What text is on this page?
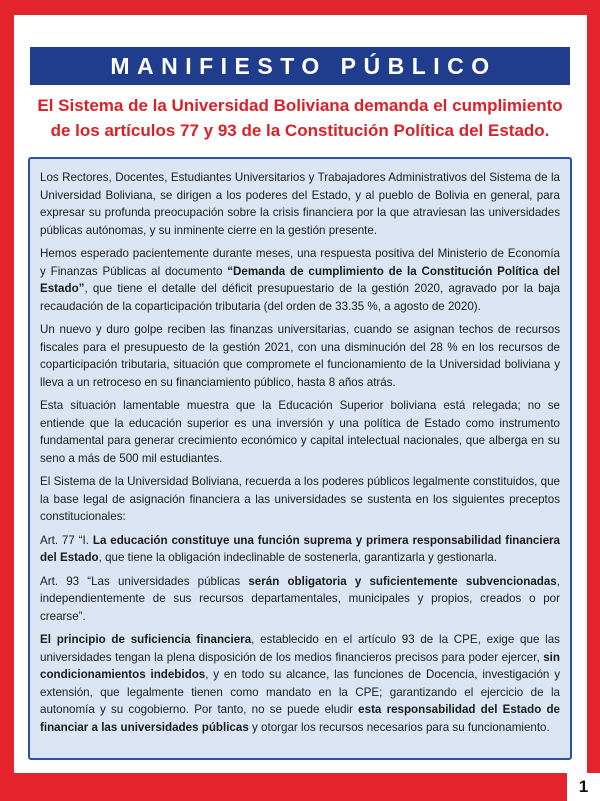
1
MANIFIESTO PÚBLICO
El Sistema de la Universidad Boliviana demanda el cumplimiento
de los artículos 77 y 93 de la Constitución Política del Estado.

Los Rectores, Docentes, Estudiantes Universitarios y Trabajadores Administrativos del Sistema de la Universidad Boliviana, se dirigen a los poderes del Estado, y al pueblo de Bolivia en general, para expresar su profunda preocupación sobre la crisis financiera por la que atraviesan las universidades públicas autónomas, y su inminente cierre en la gestión presente.

Hemos esperado pacientemente durante meses, una respuesta positiva del Ministerio de Economía y Finanzas Públicas al documento “Demanda de cumplimiento de la Constitución Política del Estado”, que tiene el detalle del déficit presupuestario de la gestión 2020, agravado por la baja recaudación de la coparticipación tributaria (del orden de 33.35 %, a agosto de 2020).

Un nuevo y duro golpe reciben las finanzas universitarias, cuando se asignan techos de recursos fiscales para el presupuesto de la gestión 2021, con una disminución del 28 % en los recursos de coparticipación tributaria, situación que compromete el funcionamiento de la Universidad boliviana y lleva a un retroceso en su financiamiento público, hasta 8 años atrás.

Esta situación lamentable muestra que la Educación Superior boliviana está relegada; no se entiende que la educación superior es una inversión y una política de Estado como instrumento fundamental para generar crecimiento económico y capital intelectual nacionales, que alberga en su seno a más de 500 mil estudiantes.

El Sistema de la Universidad Boliviana, recuerda a los poderes públicos legalmente constituidos, que la base legal de asignación financiera a las universidades se sustenta en los siguientes preceptos constitucionales:

Art. 77 “I. La educación constituye una función suprema y primera responsabilidad financiera del Estado, que tiene la obligación indeclinable de sostenerla, garantizarla y gestionarla.

Art. 93 “Las universidades públicas serán obligatoria y suficientemente subvencionadas, independientemente de sus recursos departamentales, municipales y propios, creados o por crearse”.

El principio de suficiencia financiera, establecido en el artículo 93 de la CPE, exige que las universidades tengan la plena disposición de los medios financieros precisos para poder ejercer, sin condicionamientos indebidos, y en todo su alcance, las funciones de Docencia, investigación y extensión, que legalmente tienen como mandato en la CPE; garantizando el ejercicio de la autonomía y su cogobierno. Por tanto, no se puede eludir esta responsabilidad del Estado de financiar a las universidades públicas y otorgar los recursos necesarios para su funcionamiento.
